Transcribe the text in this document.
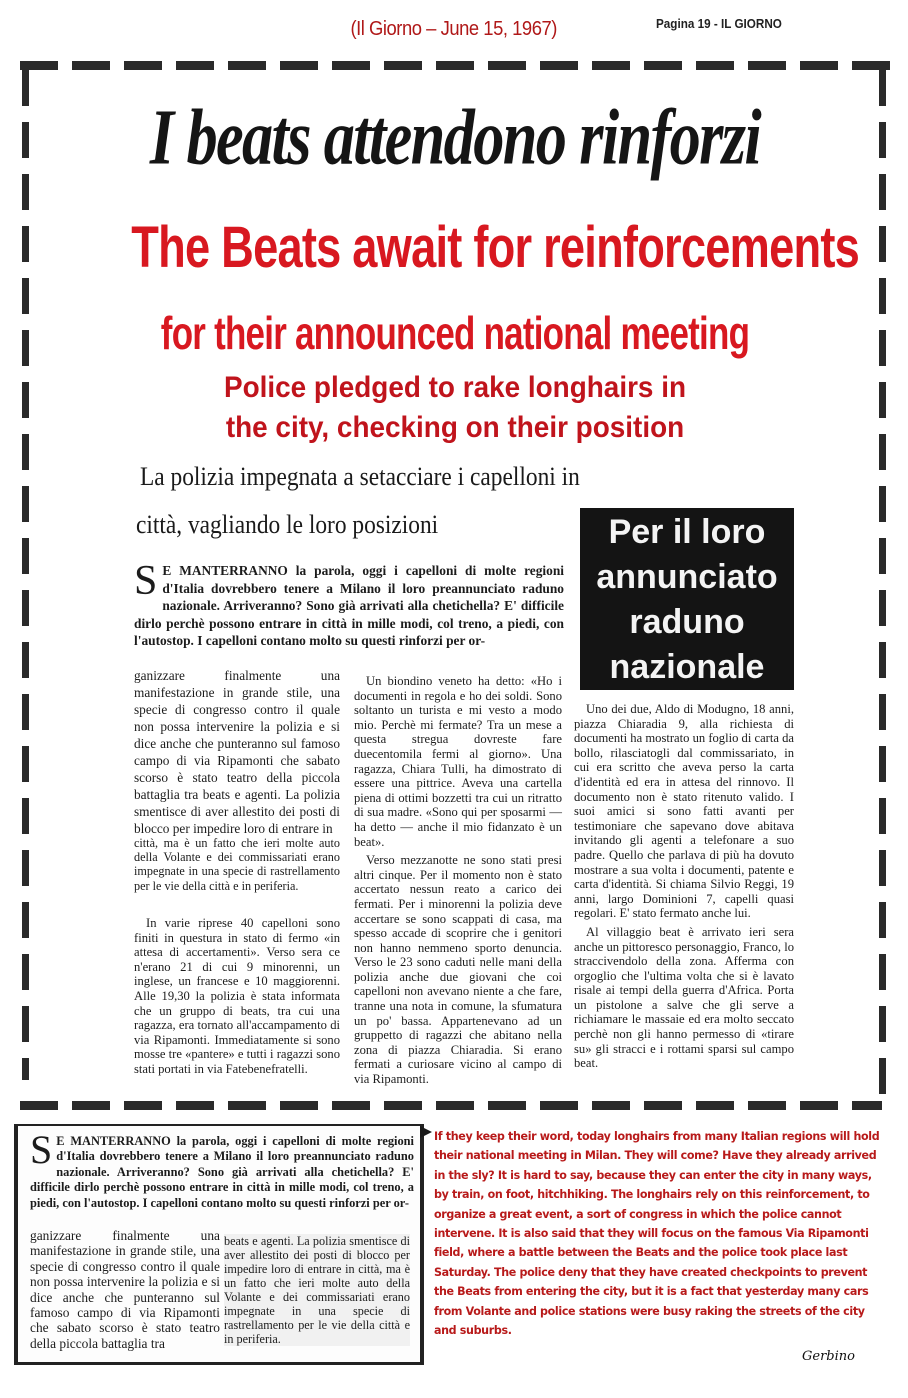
(Il Giorno – June 15, 1967)	Pagina 19 - IL GIORNO
I beats attendono rinforzi
The Beats await for reinforcements
for their announced national meeting
Police pledged to rake longhairs in
the city, checking on their position
La polizia impegnata a setacciare i capelloni in
città, vagliando le loro posizioni	Per il loro
annunciato
raduno
nazionale
S E MANTERRANNO la parola, oggi i capelloni di molte regioni d'Italia dovrebbero tenere a Milano il loro preannunciato raduno nazionale. Arriveranno? Sono già arrivati alla chetichella? E' difficile dirlo perchè possono entrare in città in mille modi, col treno, a piedi, con l'autostop. I capelloni contano molto su questi rinforzi per or-

ganizzare finalmente una manifestazione in grande stile, una specie di congresso contro il quale non possa intervenire la polizia e si dice anche che punteranno sul famoso campo di via Ripamonti che sabato scorso è stato teatro della piccola battaglia tra beats e agenti. La polizia smentisce di aver allestito dei posti di blocco per impedire loro di entrare in

città, ma è un fatto che ieri molte auto della Volante e dei commissariati erano impegnate in una specie di rastrellamento per le vie della città e in periferia.

In varie riprese 40 capelloni sono finiti in questura in stato di fermo «in attesa di accertamenti». Verso sera ce n'erano 21 di cui 9 minorenni, un inglese, un francese e 10 maggiorenni. Alle 19,30 la polizia è stata informata che un gruppo di beats, tra cui una ragazza, era tornato all'accampamento di via Ripamonti. Immediatamente si sono mosse tre «pantere» e tutti i ragazzi sono stati portati in via Fatebenefratelli.

Un biondino veneto ha detto: «Ho i documenti in regola e ho dei soldi. Sono soltanto un turista e mi vesto a modo mio. Perchè mi fermate? Tra un mese a questa stregua dovreste fare duecentomila fermi al giorno». Una ragazza, Chiara Tulli, ha dimostrato di essere una pittrice. Aveva una cartella piena di ottimi bozzetti tra cui un ritratto di sua madre. «Sono qui per sposarmi — ha detto — anche il mio fidanzato è un beat».

Verso mezzanotte ne sono stati presi altri cinque. Per il momento non è stato accertato nessun reato a carico dei fermati. Per i minorenni la polizia deve accertare se sono scappati di casa, ma spesso accade di scoprire che i genitori non hanno nemmeno sporto denuncia. Verso le 23 sono caduti nelle mani della polizia anche due giovani che coi capelloni non avevano niente a che fare, tranne una nota in comune, la sfumatura un po' bassa. Appartenevano ad un gruppetto di ragazzi che abitano nella zona di piazza Chiaradia. Si erano fermati a curiosare vicino al campo di via Ripamonti.

Uno dei due, Aldo di Modugno, 18 anni, piazza Chiaradia 9, alla richiesta di documenti ha mostrato un foglio di carta da bollo, rilasciatogli dal commissariato, in cui era scritto che aveva perso la carta d'identità ed era in attesa del rinnovo. Il documento non è stato ritenuto valido. I suoi amici si sono fatti avanti per testimoniare che sapevano dove abitava invitando gli agenti a telefonare a suo padre. Quello che parlava di più ha dovuto mostrare a sua volta i documenti, patente e carta d'identità. Si chiama Silvio Reggi, 19 anni, largo Dominioni 7, capelli quasi regolari. E' stato fermato anche lui.

Al villaggio beat è arrivato ieri sera anche un pittoresco personaggio, Franco, lo straccivendolo della zona. Afferma con orgoglio che l'ultima volta che si è lavato risale ai tempi della guerra d'Africa. Porta un pistolone a salve che gli serve a richiamare le massaie ed era molto seccato perchè non gli hanno permesso di «tirare su» gli stracci e i rottami sparsi sul campo beat.

S E MANTERRANNO la parola, oggi i capelloni di molte regioni d'Italia dovrebbero tenere a Milano il loro preannunciato raduno nazionale. Arriveranno? Sono già arrivati alla chetichella? E' difficile dirlo perchè possono entrare in città in mille modi, col treno, a piedi, con l'autostop. I capelloni contano molto su questi rinforzi per or-
ganizzare finalmente una manifestazione in grande stile, una specie di congresso contro il quale non possa intervenire la polizia e si dice anche che punteranno sul famoso campo di via Ripamonti che sabato scorso è stato teatro della piccola battaglia tra
beats e agenti. La polizia smentisce di aver allestito dei posti di blocco per impedire loro di entrare in città, ma è un fatto che ieri molte auto della Volante e dei commissariati erano impegnate in una specie di rastrellamento per le vie della città e in periferia.
If they keep their word, today longhairs from many Italian regions will hold their national meeting in Milan. They will come? Have they already arrived in the sly? It is hard to say, because they can enter the city in many ways, by train, on foot, hitchhiking. The longhairs rely on this reinforcement, to organize a great event, a sort of congress in which the police cannot intervene. It is also said that they will focus on the famous Via Ripamonti field, where a battle between the Beats and the police took place last Saturday. The police deny that they have created checkpoints to prevent the Beats from entering the city, but it is a fact that yesterday many cars from Volante and police stations were busy raking the streets of the city and suburbs.
Gerbino
